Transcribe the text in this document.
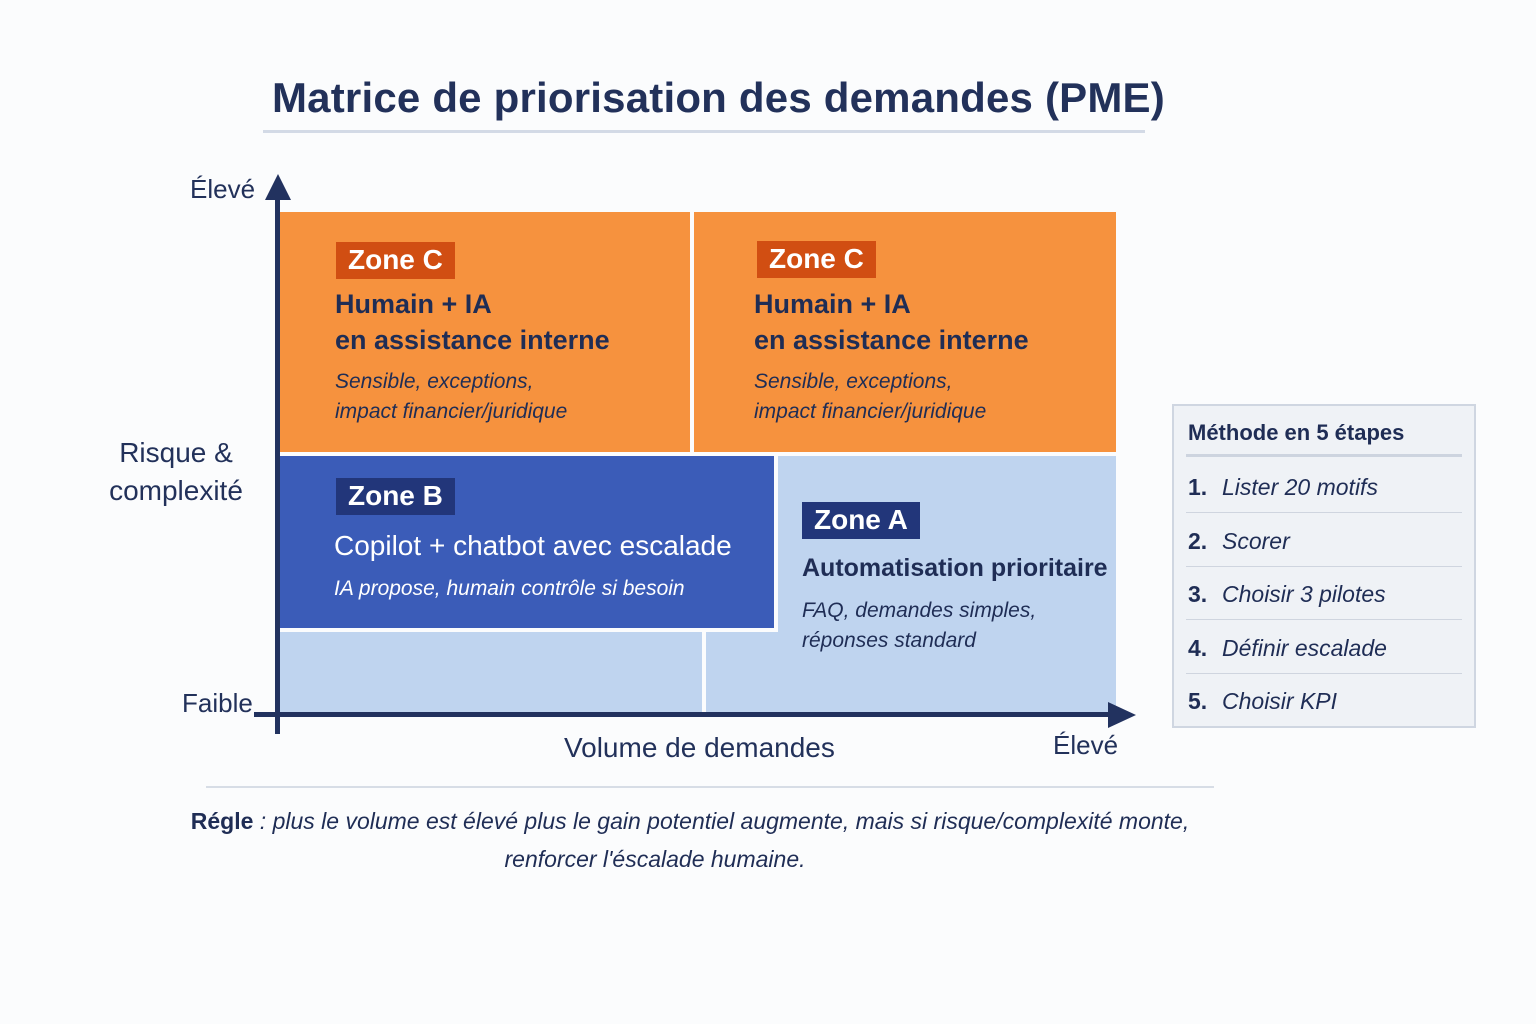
Matrice de priorisation des demandes (PME)
Zone C
Humain + IA
en assistance interne
Sensible, exceptions,
impact financier/juridique
Zone C
Humain + IA
en assistance interne
Sensible, exceptions,
impact financier/juridique
Zone A
Automatisation prioritaire
FAQ, demandes simples,
réponses standard
Zone B
Copilot + chatbot avec escalade
IA propose, humain contrôle si besoin
Élevé
Faible
Risque &
complexité
Volume de demandes	Élevé
Méthode en 5 étapes
1. Lister 20 motifs
2. Scorer
3. Choisir 3 pilotes
4. Définir escalade
5. Choisir KPI
Régle : plus le volume est élevé plus le gain potentiel augmente, mais si risque/complexité monte,
renforcer l'éscalade humaine.
